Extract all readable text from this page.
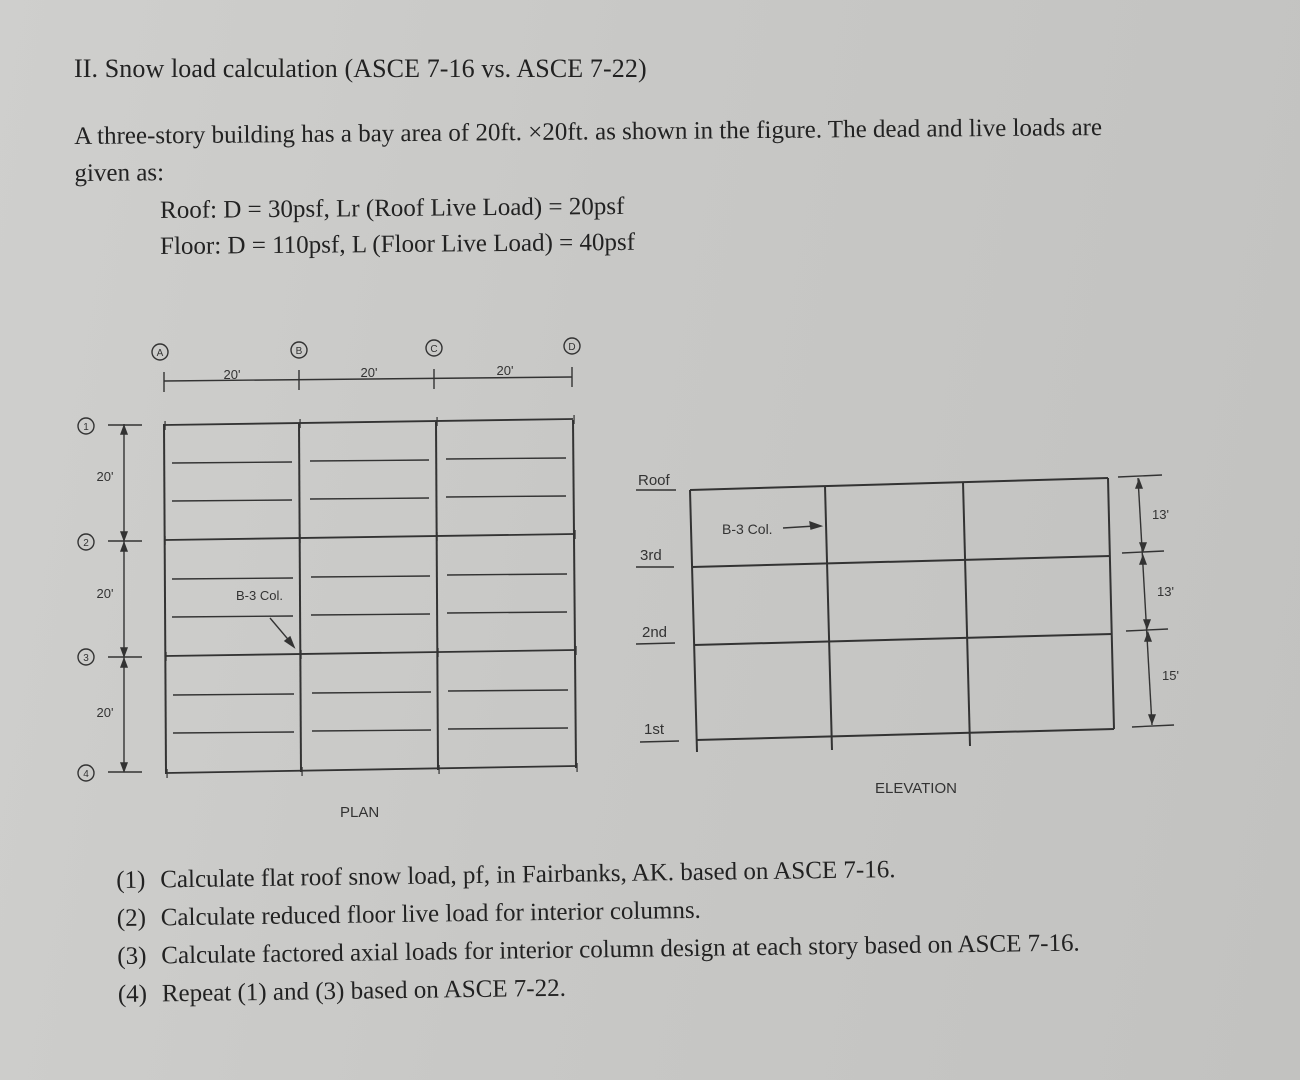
II. Snow load calculation (ASCE 7-16 vs. ASCE 7-22)
A three-story building has a bay area of 20ft. ×20ft. as shown in the figure. The dead and live loads are given as:
Roof: D = 30psf, Lr (Roof Live Load) = 20psf
Floor: D = 110psf, L (Floor Live Load) = 40psf
A	B	C	D
20'	20'	20'
1
2
3
4
20'
20'
20'
I	I	I	I
I	I	I	I
I	I	I	I
I	I	I	I
B-3 Col.
PLAN
Roof
3rd
2nd
1st
B-3 Col.
13'
13'
15'
ELEVATION
(1) Calculate flat roof snow load, pf, in Fairbanks, AK. based on ASCE 7-16.
(2) Calculate reduced floor live load for interior columns.
(3) Calculate factored axial loads for interior column design at each story based on ASCE 7-16.
(4) Repeat (1) and (3) based on ASCE 7-22.
